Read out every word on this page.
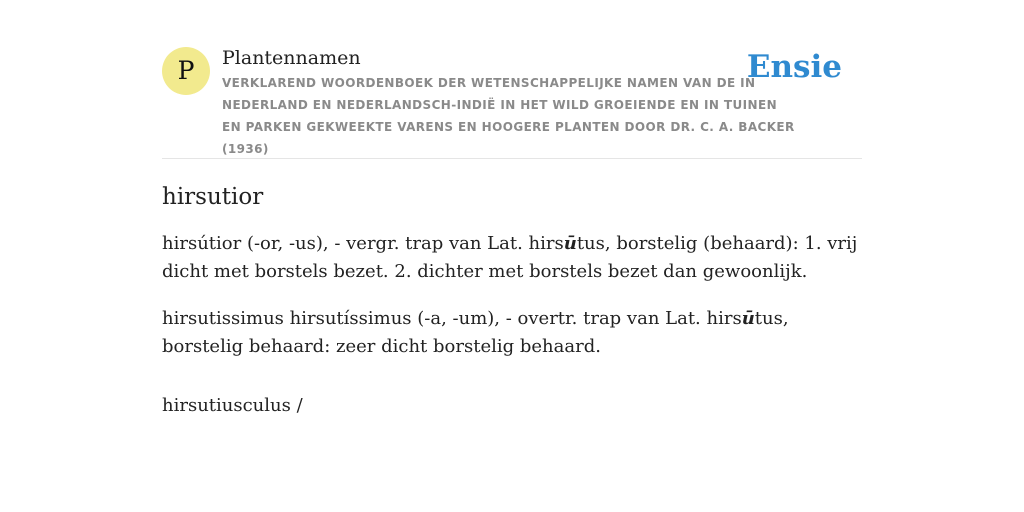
P	Plantennamen
VERKLAREND WOORDENBOEK DER WETENSCHAPPELIJKE NAMEN VAN DE IN NEDERLAND EN NEDERLANDSCH-INDIË IN HET WILD GROEIENDE EN IN TUINEN EN PARKEN GEKWEEKTE VARENS EN HOOGERE PLANTEN DOOR DR. C. A. BACKER (1936)
Ensie
hirsutior

hirsútior (-or, -us), - vergr. trap van Lat. hirsūtus, borstelig (behaard): 1. vrij dicht met borstels bezet. 2. dichter met borstels bezet dan gewoonlijk.

hirsutissimus hirsutíssimus (-a, -um), - overtr. trap van Lat. hirsūtus, borstelig behaard: zeer dicht borstelig behaard.

hirsutiusculus /
